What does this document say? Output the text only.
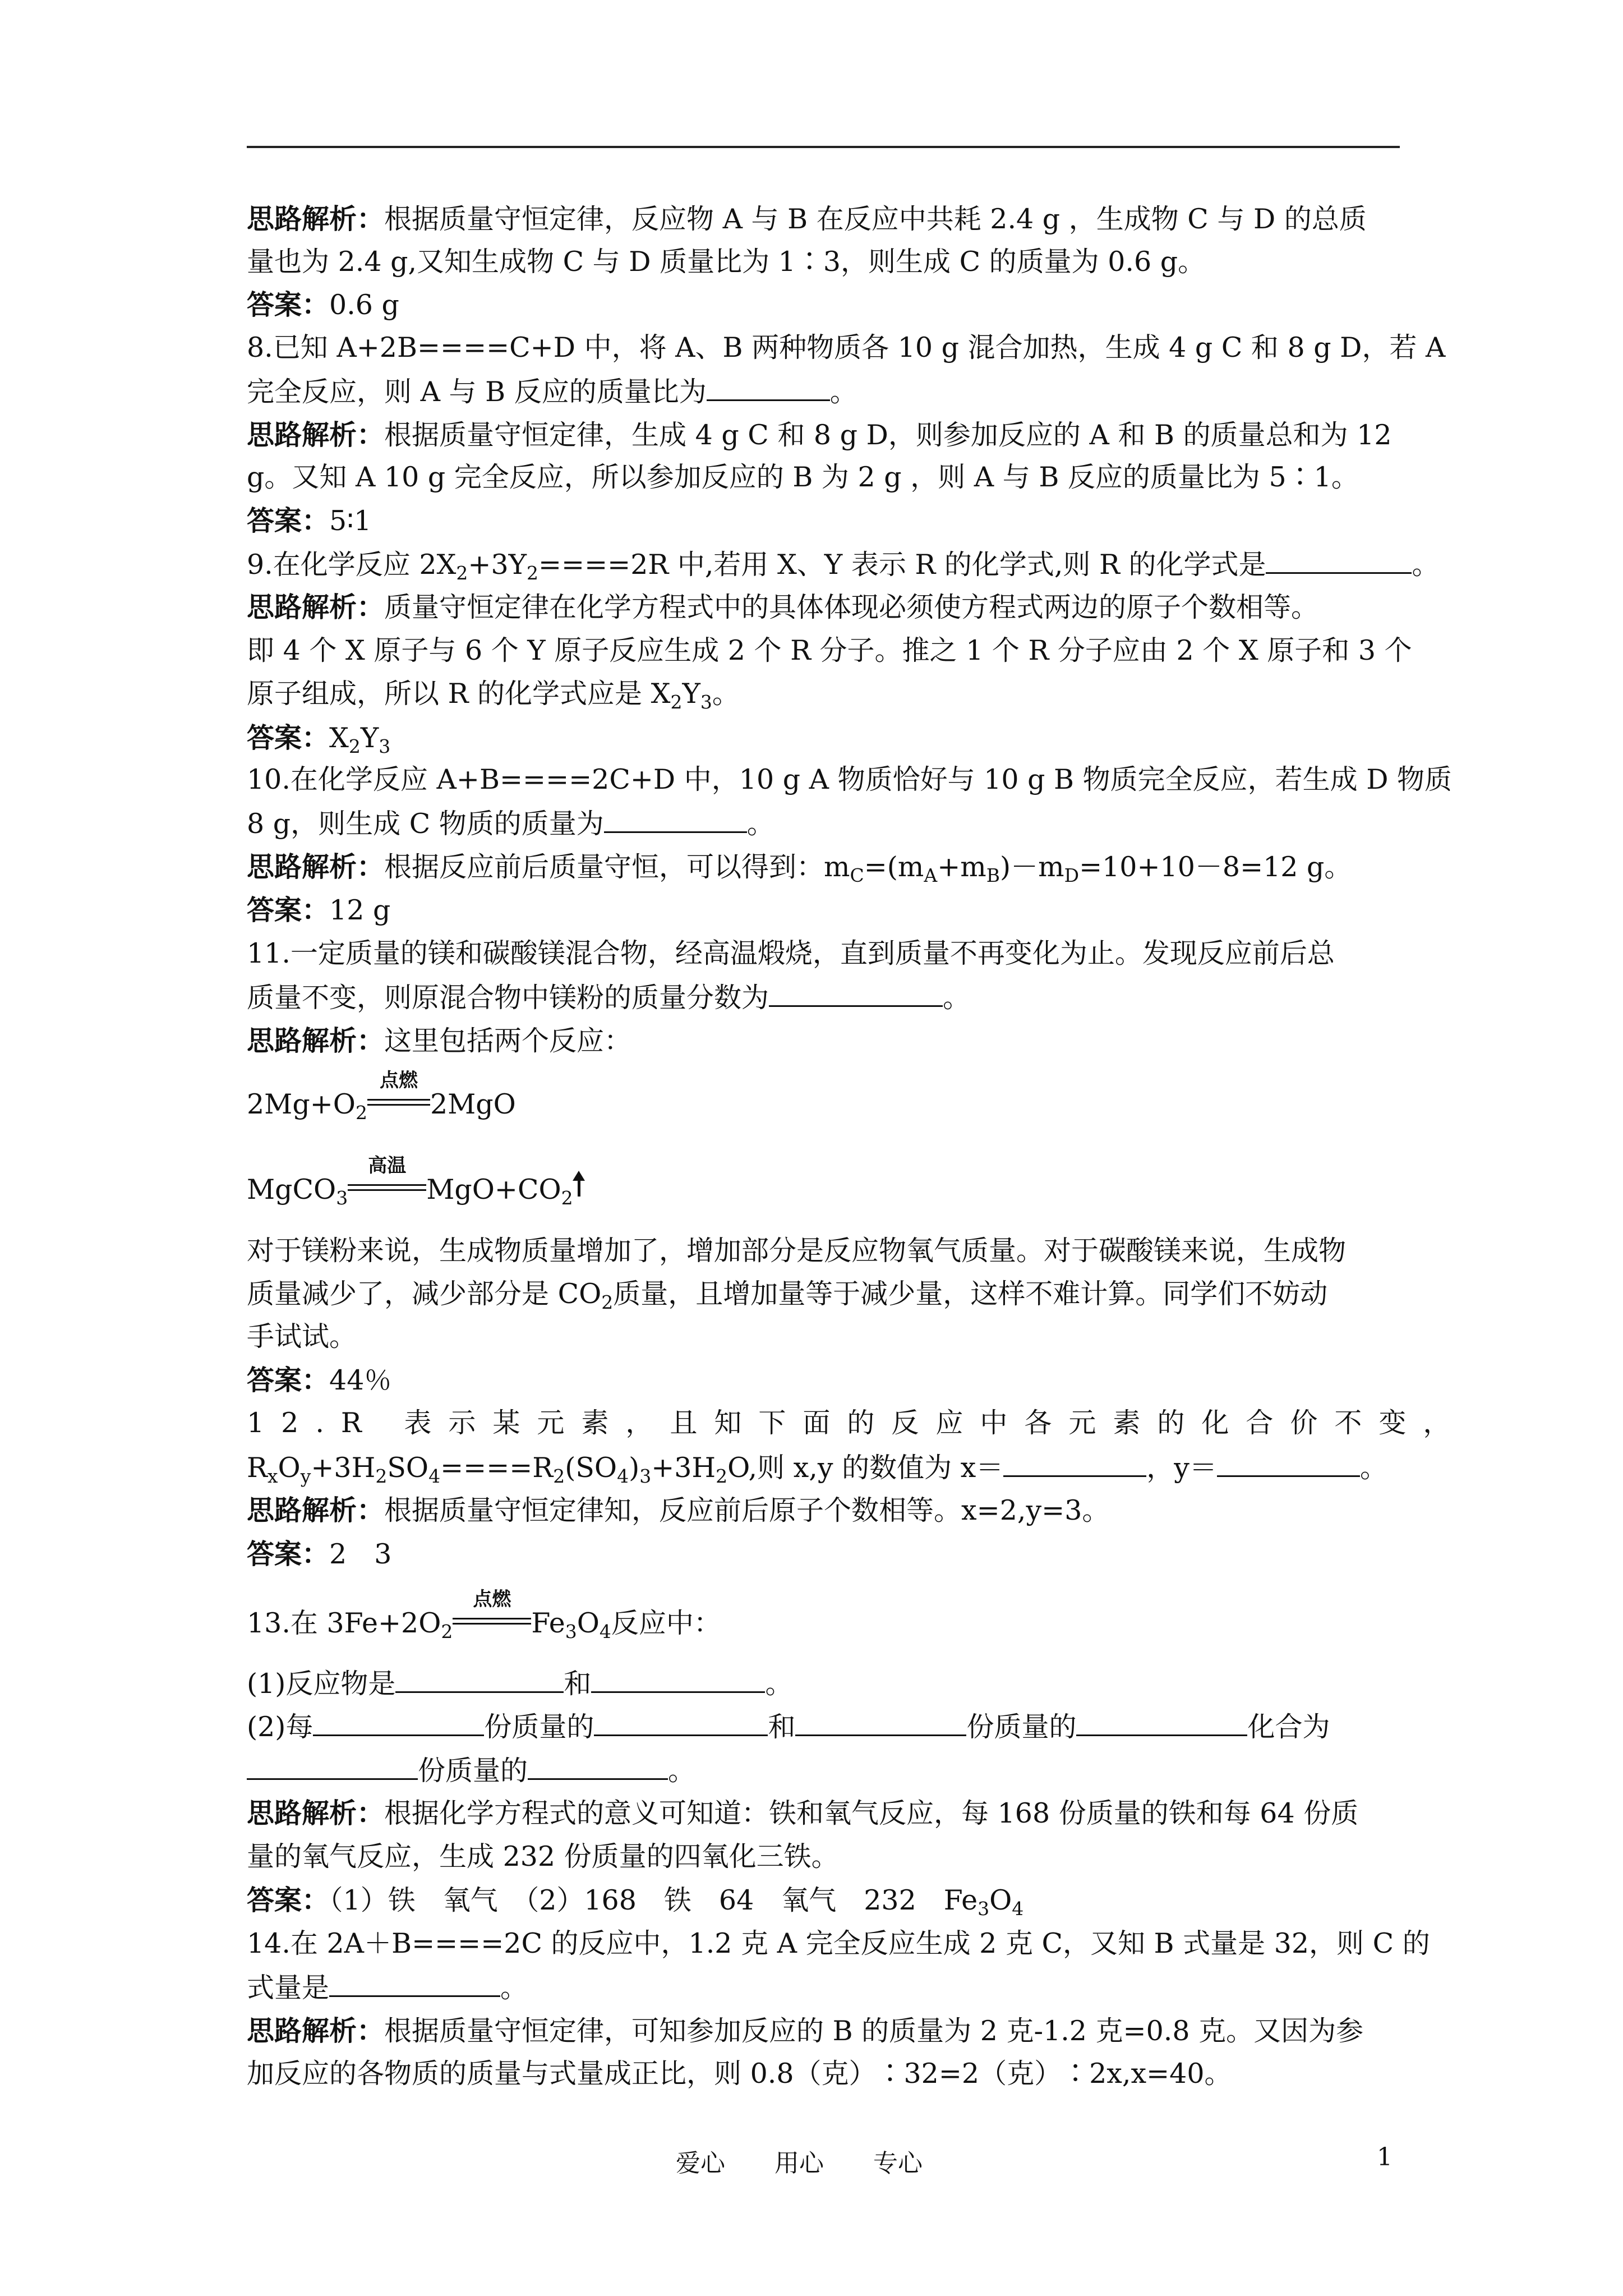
思路解析：根据质量守恒定律，反应物 A 与 B 在反应中共耗 2.4 g ，生成物 C 与 D 的总质
量也为 2.4 g,又知生成物 C 与 D 质量比为 1∶3，则生成 C 的质量为 0.6 g。
答案：0.6 g
8.已知 A+2B====C+D 中，将 A、B 两种物质各 10 g 混合加热，生成 4 g C 和 8 g D，若 A
完全反应，则 A 与 B 反应的质量比为	。
思路解析：根据质量守恒定律，生成 4 g C 和 8 g D，则参加反应的 A 和 B 的质量总和为 12
g。又知 A 10 g 完全反应，所以参加反应的 B 为 2 g ，则 A 与 B 反应的质量比为 5∶1。
答案：5∶1
9.在化学反应 $2X_2+3Y_2====2R$ 中,若用 X、Y 表示 R 的化学式,则 R 的化学式是	。
思路解析：质量守恒定律在化学方程式中的具体体现必须使方程式两边的原子个数相等。
即 4 个 X 原子与 6 个 Y 原子反应生成 2 个 R 分子。推之 1 个 R 分子应由 2 个 X 原子和 3 个
原子组成，所以 R 的化学式应是 $X_2Y_3$。
答案：$X_2Y_3$
10.在化学反应 A+B====2C+D 中，10 g A 物质恰好与 10 g B 物质完全反应，若生成 D 物质
8 g，则生成 C 物质的质量为	。
思路解析：根据反应前后质量守恒，可以得到：$m_C=(m_A+m_B)-m_D=10+10-8=12$ g。
答案：12 g
11.一定质量的镁和碳酸镁混合物，经高温煅烧，直到质量不再变化为止。发现反应前后总
质量不变，则原混合物中镁粉的质量分数为	。
思路解析：这里包括两个反应：
$2Mg+O_2$
点燃
2MgO
MgCO$_3$
高温
$MgO+CO_2$
对于镁粉来说，生成物质量增加了，增加部分是反应物氧气质量。对于碳酸镁来说，生成物
质量减少了，减少部分是 $CO_2$质量，且增加量等于减少量，这样不难计算。同学们不妨动
手试试。
答案：44％
12.R 表示某元素，且知下面的反应中各元素的化合价不变，
$R_xO_y+3H_2SO_4====R_2(SO_4)_3+3H_2O$,则 x,y 的数值为 x＝	，y＝	。
思路解析：根据质量守恒定律知，反应前后原子个数相等。x=2,y=3。
答案：2　3
13.在 $3Fe+2O_2$
点燃
$Fe_3O_4$反应中：
(1)反应物是	和	。
(2)每	份质量的	和	份质量的	化合为
份质量的	。
思路解析：根据化学方程式的意义可知道：铁和氧气反应，每 168 份质量的铁和每 64 份质
量的氧气反应，生成 232 份质量的四氧化三铁。
答案：（1）铁　氧气　（2）168　铁　64　氧气　232　$Fe_3O_4$
14.在 2A＋B====2C 的反应中，1.2 克 A 完全反应生成 2 克 C，又知 B 式量是 32，则 C 的
式量是	。
思路解析：根据质量守恒定律，可知参加反应的 B 的质量为 2 克-1.2 克=0.8 克。又因为参
加反应的各物质的质量与式量成正比，则 0.8（克）∶32=2（克）∶2x,x=40。
爱心　　用心　　专心	1
